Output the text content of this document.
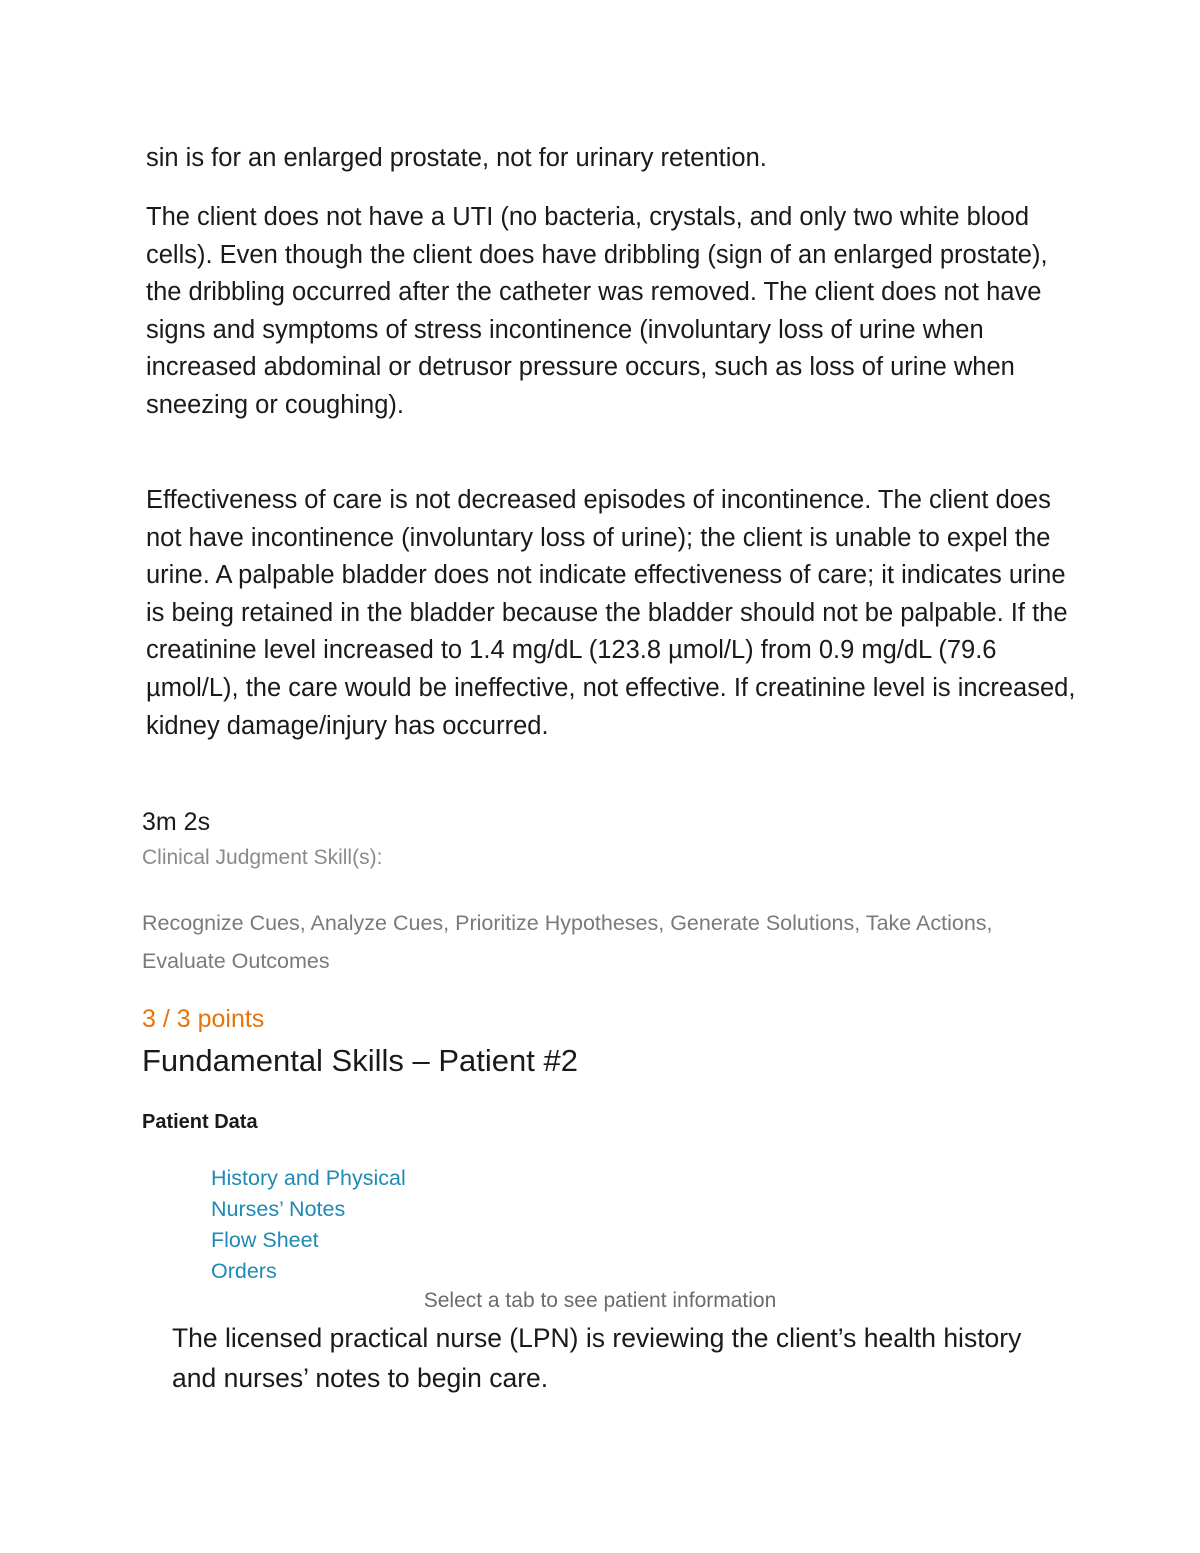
sin is for an enlarged prostate, not for urinary retention.

The client does not have a UTI (no bacteria, crystals, and only two white blood cells). Even though the client does have dribbling (sign of an enlarged prostate), the dribbling occurred after the catheter was removed. The client does not have signs and symptoms of stress incontinence (involuntary loss of urine when increased abdominal or detrusor pressure occurs, such as loss of urine when sneezing or coughing).

Effectiveness of care is not decreased episodes of incontinence. The client does not have incontinence (involuntary loss of urine); the client is unable to expel the urine. A palpable bladder does not indicate effectiveness of care; it indicates urine is being retained in the bladder because the bladder should not be palpable. If the creatinine level increased to 1.4 mg/dL (123.8 µmol/L) from 0.9 mg/dL (79.6 µmol/L), the care would be ineffective, not effective. If creatinine level is increased, kidney damage/injury has occurred.

3m 2s

Clinical Judgment Skill(s):

Recognize Cues, Analyze Cues, Prioritize Hypotheses, Generate Solutions, Take Actions, Evaluate Outcomes

3 / 3 points

Fundamental Skills – Patient #2

Patient Data

History and Physical
Nurses’ Notes
Flow Sheet
Orders

Select a tab to see patient information

The licensed practical nurse (LPN) is reviewing the client’s health history and nurses’ notes to begin care.
